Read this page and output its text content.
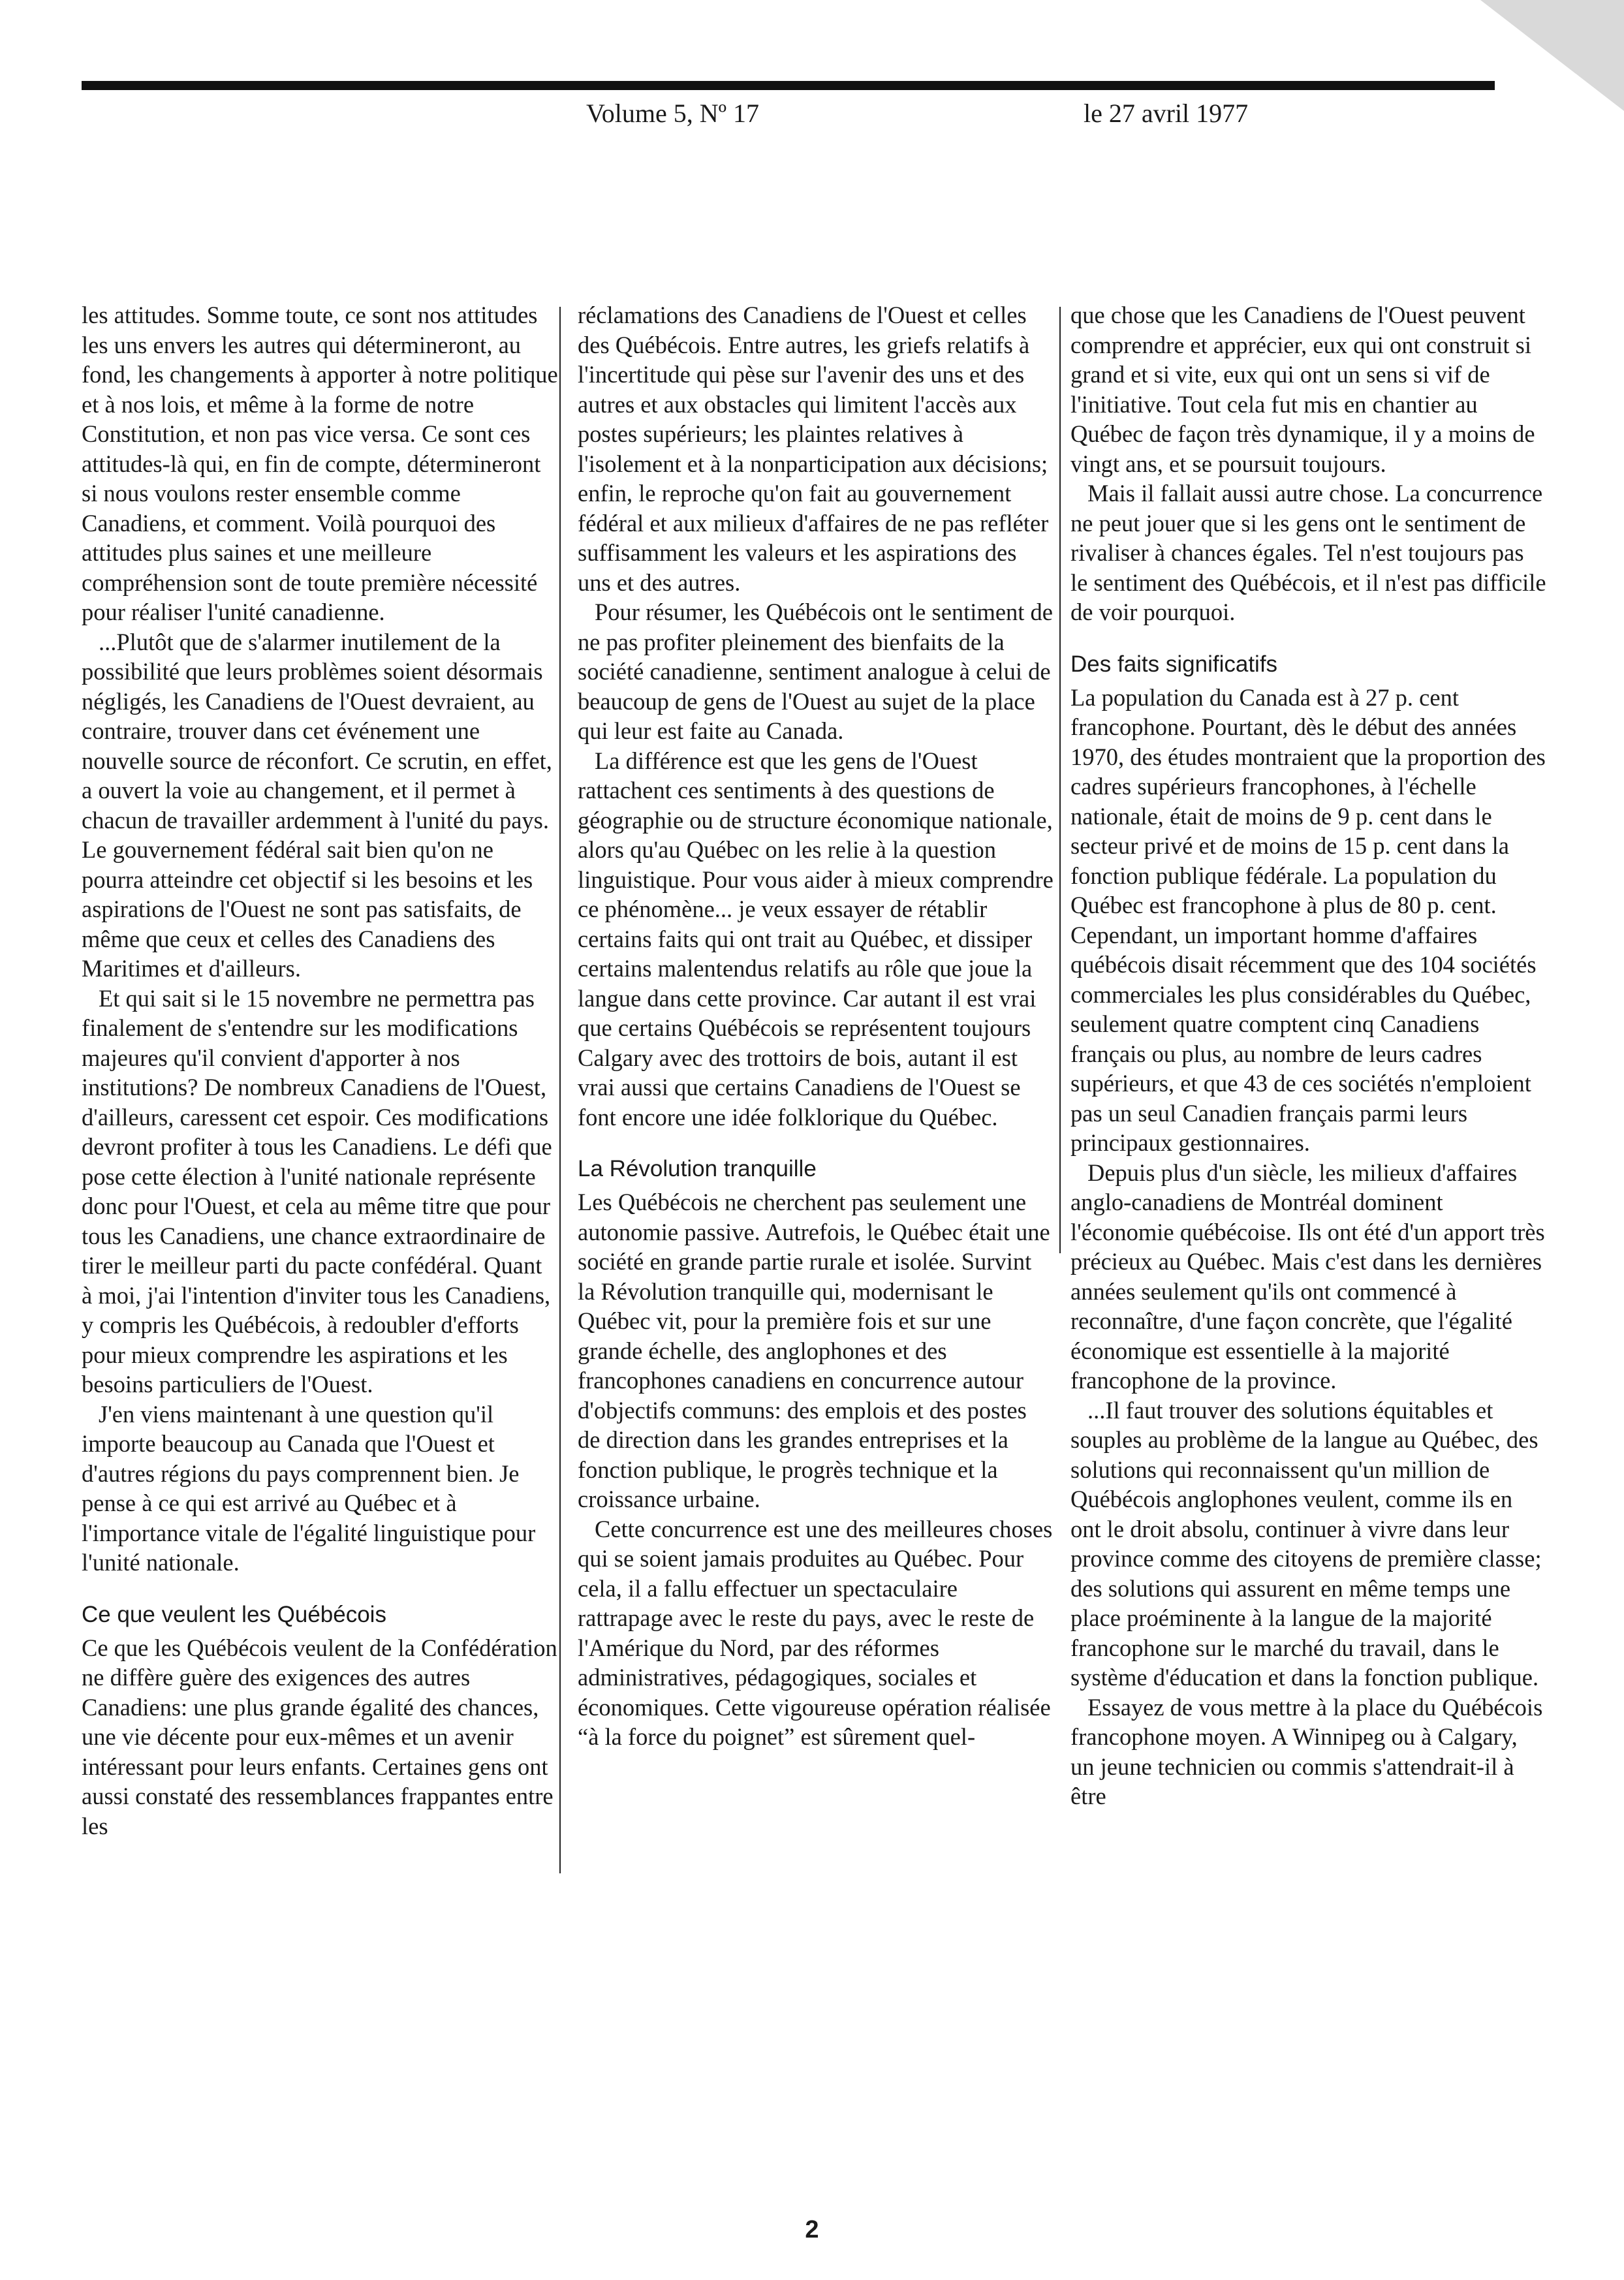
Volume 5, Nº 17	le 27 avril 1977

les attitudes. Somme toute, ce sont nos attitudes les uns envers les autres qui détermineront, au fond, les changements à apporter à notre politique et à nos lois, et même à la forme de notre Constitution, et non pas vice versa. Ce sont ces attitudes-là qui, en fin de compte, détermineront si nous voulons rester ensemble comme Canadiens, et comment. Voilà pourquoi des attitudes plus saines et une meilleure compréhension sont de toute première nécessité pour réaliser l'unité canadienne.

...Plutôt que de s'alarmer inutilement de la possibilité que leurs problèmes soient désormais négligés, les Canadiens de l'Ouest devraient, au contraire, trouver dans cet événement une nouvelle source de réconfort. Ce scrutin, en effet, a ouvert la voie au changement, et il permet à chacun de travailler ardemment à l'unité du pays. Le gouvernement fédéral sait bien qu'on ne pourra atteindre cet objectif si les besoins et les aspirations de l'Ouest ne sont pas satisfaits, de même que ceux et celles des Canadiens des Maritimes et d'ailleurs.

Et qui sait si le 15 novembre ne permettra pas finalement de s'entendre sur les modifications majeures qu'il convient d'apporter à nos institutions? De nombreux Canadiens de l'Ouest, d'ailleurs, caressent cet espoir. Ces modifications devront profiter à tous les Canadiens. Le défi que pose cette élection à l'unité nationale représente donc pour l'Ouest, et cela au même titre que pour tous les Canadiens, une chance extraordinaire de tirer le meilleur parti du pacte confédéral. Quant à moi, j'ai l'intention d'inviter tous les Canadiens, y compris les Québécois, à redoubler d'efforts pour mieux comprendre les aspirations et les besoins particuliers de l'Ouest.

J'en viens maintenant à une question qu'il importe beaucoup au Canada que l'Ouest et d'autres régions du pays comprennent bien. Je pense à ce qui est arrivé au Québec et à l'importance vitale de l'égalité linguistique pour l'unité nationale.

Ce que veulent les Québécois

Ce que les Québécois veulent de la Confédération ne diffère guère des exigences des autres Canadiens: une plus grande égalité des chances, une vie décente pour eux-mêmes et un avenir intéressant pour leurs enfants. Certaines gens ont aussi constaté des ressemblances frappantes entre les

réclamations des Canadiens de l'Ouest et celles des Québécois. Entre autres, les griefs relatifs à l'incertitude qui pèse sur l'avenir des uns et des autres et aux obstacles qui limitent l'accès aux postes supérieurs; les plaintes relatives à l'isolement et à la nonparticipation aux décisions; enfin, le reproche qu'on fait au gouvernement fédéral et aux milieux d'affaires de ne pas refléter suffisamment les valeurs et les aspirations des uns et des autres.

Pour résumer, les Québécois ont le sentiment de ne pas profiter pleinement des bienfaits de la société canadienne, sentiment analogue à celui de beaucoup de gens de l'Ouest au sujet de la place qui leur est faite au Canada.

La différence est que les gens de l'Ouest rattachent ces sentiments à des questions de géographie ou de structure économique nationale, alors qu'au Québec on les relie à la question linguistique. Pour vous aider à mieux comprendre ce phénomène... je veux essayer de rétablir certains faits qui ont trait au Québec, et dissiper certains malentendus relatifs au rôle que joue la langue dans cette province. Car autant il est vrai que certains Québécois se représentent toujours Calgary avec des trottoirs de bois, autant il est vrai aussi que certains Canadiens de l'Ouest se font encore une idée folklorique du Québec.

La Révolution tranquille

Les Québécois ne cherchent pas seulement une autonomie passive. Autrefois, le Québec était une société en grande partie rurale et isolée. Survint la Révolution tranquille qui, modernisant le Québec vit, pour la première fois et sur une grande échelle, des anglophones et des francophones canadiens en concurrence autour d'objectifs communs: des emplois et des postes de direction dans les grandes entreprises et la fonction publique, le progrès technique et la croissance urbaine.

Cette concurrence est une des meilleures choses qui se soient jamais produites au Québec. Pour cela, il a fallu effectuer un spectaculaire rattrapage avec le reste du pays, avec le reste de l'Amérique du Nord, par des réformes administratives, pédagogiques, sociales et économiques. Cette vigoureuse opération réalisée “à la force du poignet” est sûrement quel-

que chose que les Canadiens de l'Ouest peuvent comprendre et apprécier, eux qui ont construit si grand et si vite, eux qui ont un sens si vif de l'initiative. Tout cela fut mis en chantier au Québec de façon très dynamique, il y a moins de vingt ans, et se poursuit toujours.

Mais il fallait aussi autre chose. La concurrence ne peut jouer que si les gens ont le sentiment de rivaliser à chances égales. Tel n'est toujours pas le sentiment des Québécois, et il n'est pas difficile de voir pourquoi.

Des faits significatifs

La population du Canada est à 27 p. cent francophone. Pourtant, dès le début des années 1970, des études montraient que la proportion des cadres supérieurs francophones, à l'échelle nationale, était de moins de 9 p. cent dans le secteur privé et de moins de 15 p. cent dans la fonction publique fédérale. La population du Québec est francophone à plus de 80 p. cent. Cependant, un important homme d'affaires québécois disait récemment que des 104 sociétés commerciales les plus considérables du Québec, seulement quatre comptent cinq Canadiens français ou plus, au nombre de leurs cadres supérieurs, et que 43 de ces sociétés n'emploient pas un seul Canadien français parmi leurs principaux gestionnaires.

Depuis plus d'un siècle, les milieux d'affaires anglo-canadiens de Montréal dominent l'économie québécoise. Ils ont été d'un apport très précieux au Québec. Mais c'est dans les dernières années seulement qu'ils ont commencé à reconnaître, d'une façon concrète, que l'égalité économique est essentielle à la majorité francophone de la province.

...Il faut trouver des solutions équitables et souples au problème de la langue au Québec, des solutions qui reconnaissent qu'un million de Québécois anglophones veulent, comme ils en ont le droit absolu, continuer à vivre dans leur province comme des citoyens de première classe; des solutions qui assurent en même temps une place proéminente à la langue de la majorité francophone sur le marché du travail, dans le système d'éducation et dans la fonction publique.

Essayez de vous mettre à la place du Québécois francophone moyen. A Winnipeg ou à Calgary, un jeune technicien ou commis s'attendrait-il à être

2
